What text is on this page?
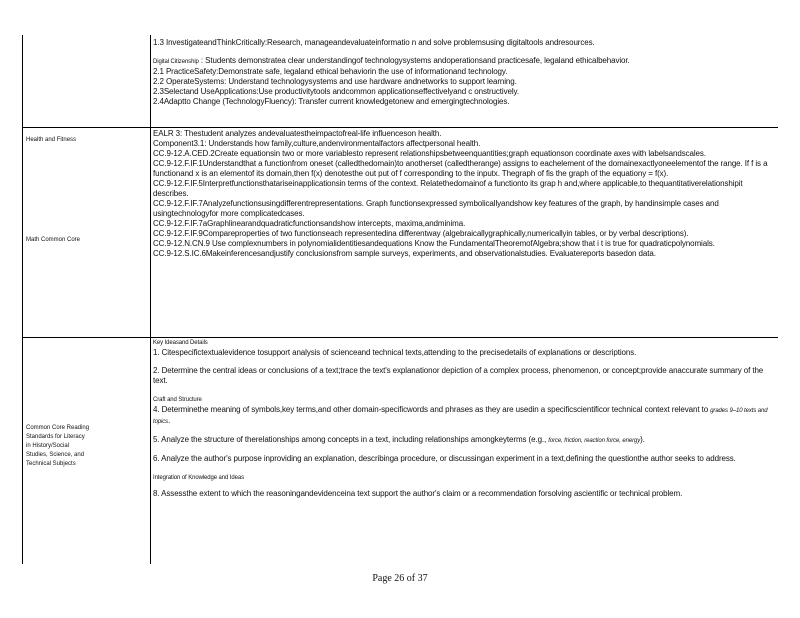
1.3 InvestigateandThinkCritically:Research, manageandevaluateinformatio n and solve problemsusing digitaltools andresources.

Digital Citizenship : Students demonstratea clear understandingof technologysystems andoperationsand practicesafe, legaland ethicalbehavior.

2.1 PracticeSafety:Demonstrate safe, legaland ethical behaviorin the use of informationand technology.

2.2 OperateSystems: Understand technologysystems and use hardware andnetworks to support learning.

2.3Selectand UseApplications:Use productivitytools andcommon applicationseffectivelyand c onstructively.

2.4Adaptto Change (TechnologyFluency): Transfer current knowledgetonew and emergingtechnologies.

Health and Fitness

EALR 3: Thestudent analyzes andevaluatestheimpactofreal-life influenceson health.

Component3.1: Understands how family,culture,andenvironmentalfactors affectpersonal health.

CC.9-12.A.CED.2Create equationsin two or more variablesto represent relationshipsbetweenquantities;graph equationson coordinate axes with labelsandscales.

CC.9-12.F.IF.1Understandthat a functionfrom oneset (calledthedomain)to anotherset (calledtherange) assigns to eachelement of the domainexactlyoneelementof the range. If f is a functionand x is an elementof its domain,then f(x) denotesthe out put of f corresponding to the inputx. Thegraph of fis the graph of the equationy = f(x).

CC.9-12.F.IF.5Interpretfunctionsthatariseinapplicationsin terms of the context. Relatethedomainof a functionto its grap h and,where applicable,to thequantitativerelationshipit describes.

CC.9-12.F.IF.7Analyzefunctionsusingdifferentrepresentations. Graph functionsexpressed symbolicallyandshow key features of the graph, by handinsimple cases and usingtechnologyfor more complicatedcases.

CC.9-12.F.IF.7aGraphlinearandquadraticfunctionsandshow intercepts, maxima,andminima.

CC.9-12.F.IF.9Compareproperties of two functionseach representedina differentway (algebraicallygraphically,numericallyin tables, or by verbal descriptions).

CC.9-12.N.CN.9 Use complexnumbers in polynomialidentitiesandequations Know the FundamentalTheoremofAlgebra;show that i t is true for quadraticpolynomials.

CC.9-12.S.IC.6Makeinferencesandjustify conclusionsfrom sample surveys, experiments, and observationalstudies. Evaluatereports basedon data.

Math Common Core
Common Core Reading
Standards for Literacy
in History/Social
Studies, Science, and
Technical Subjects

Key Ideasand Details

1. Citespecifictextualevidence tosupport analysis of scienceand technical texts,attending to the precisedetails of explanations or descriptions.

2. Determine the central ideas or conclusions of a text;trace the text's explanationor depiction of a complex process, phenomenon, or concept;provide anaccurate summary of the text.

Craft and Structure

4. Determinethe meaning of symbols,key terms,and other domain-specificwords and phrases as they are usedin a specificscientificor technical context relevant to grades 9–10 texts and topics.

5. Analyze the structure of therelationships among concepts in a text, including relationships amongkeyterms (e.g., force, friction, reaction force, energy).

6. Analyze the author's purpose inproviding an explanation, describinga procedure, or discussingan experiment in a text,defining the questionthe author seeks to address.

Integration of Knowledge and Ideas

8. Assessthe extent to which the reasoningandevidenceina text support the author's claim or a recommendation forsolving ascientific or technical problem.

Page 26 of 37
